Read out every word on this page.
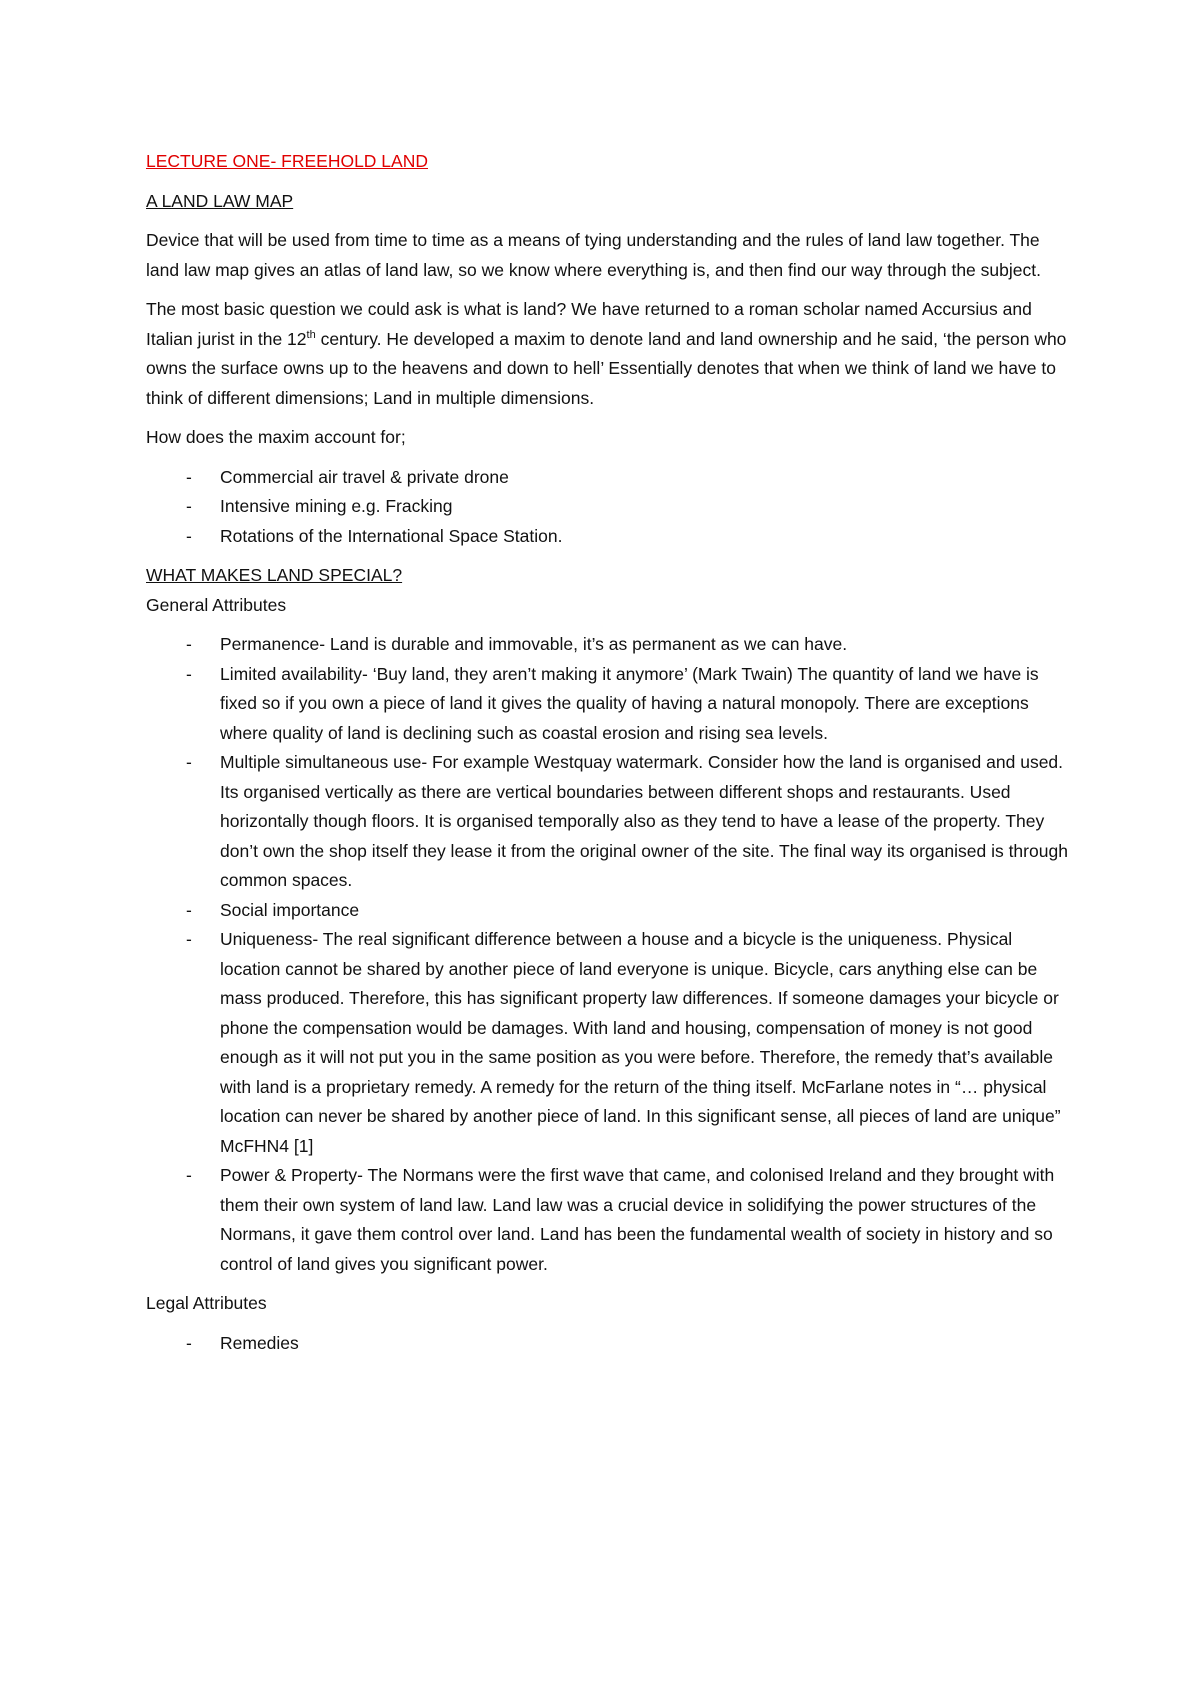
LECTURE ONE- FREEHOLD LAND
A LAND LAW MAP

Device that will be used from time to time as a means of tying understanding and the rules of land law together. The land law map gives an atlas of land law, so we know where everything is, and then find our way through the subject.

The most basic question we could ask is what is land? We have returned to a roman scholar named Accursius and Italian jurist in the 12th century. He developed a maxim to denote land and land ownership and he said, ‘the person who owns the surface owns up to the heavens and down to hell’ Essentially denotes that when we think of land we have to think of different dimensions; Land in multiple dimensions.

How does the maxim account for;

- Commercial air travel & private drone
- Intensive mining e.g. Fracking
- Rotations of the International Space Station.
WHAT MAKES LAND SPECIAL?
General Attributes
- Permanence- Land is durable and immovable, it’s as permanent as we can have.
- Limited availability- ‘Buy land, they aren’t making it anymore’ (Mark Twain) The quantity of land we have is fixed so if you own a piece of land it gives the quality of having a natural monopoly. There are exceptions where quality of land is declining such as coastal erosion and rising sea levels.
- Multiple simultaneous use- For example Westquay watermark. Consider how the land is organised and used. Its organised vertically as there are vertical boundaries between different shops and restaurants. Used horizontally though floors. It is organised temporally also as they tend to have a lease of the property. They don’t own the shop itself they lease it from the original owner of the site. The final way its organised is through common spaces.
- Social importance
- Uniqueness- The real significant difference between a house and a bicycle is the uniqueness. Physical location cannot be shared by another piece of land everyone is unique. Bicycle, cars anything else can be mass produced. Therefore, this has significant property law differences. If someone damages your bicycle or phone the compensation would be damages. With land and housing, compensation of money is not good enough as it will not put you in the same position as you were before. Therefore, the remedy that’s available with land is a proprietary remedy. A remedy for the return of the thing itself. McFarlane notes in “… physical location can never be shared by another piece of land. In this significant sense, all pieces of land are unique” McFHN4 [1]
- Power & Property- The Normans were the first wave that came, and colonised Ireland and they brought with them their own system of land law. Land law was a crucial device in solidifying the power structures of the Normans, it gave them control over land. Land has been the fundamental wealth of society in history and so control of land gives you significant power.

Legal Attributes

- Remedies
